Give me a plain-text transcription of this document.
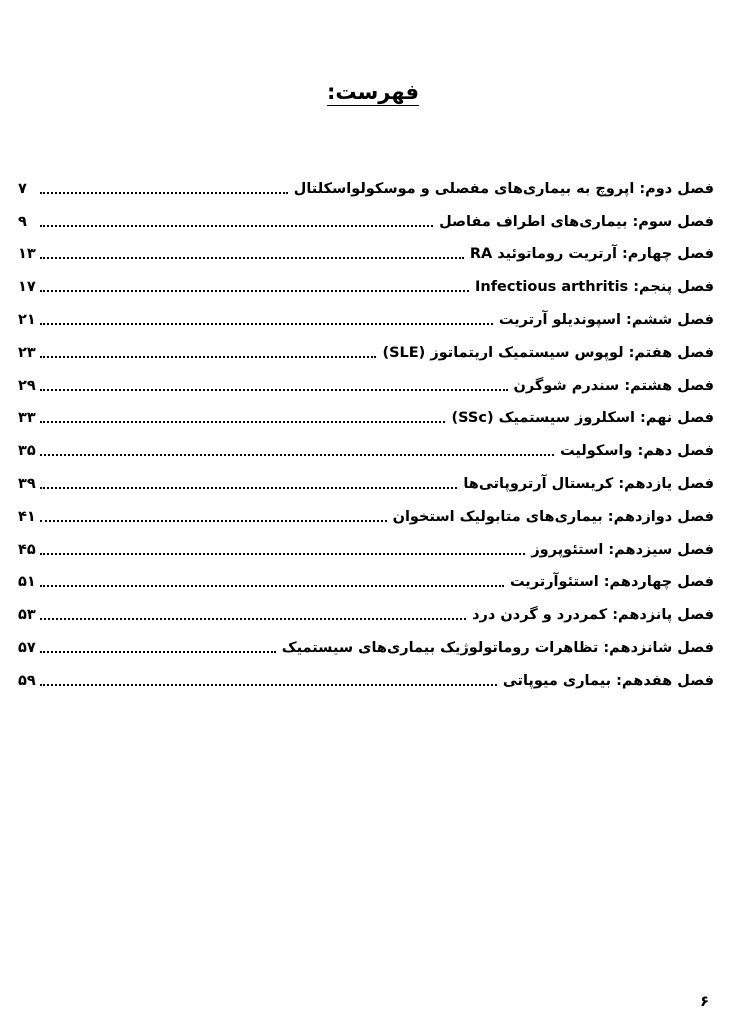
فهرست:
فصل دوم: اپروچ به بیماری‌های مفصلی و موسکولواسکلتال
۷
فصل سوم: بیماری‌های اطراف مفاصل
۹
فصل چهارم: آرتریت روماتوئید RA
۱۳
فصل پنجم: Infectious arthritis
۱۷
فصل ششم: اسپوندیلو آرتریت
۲۱
فصل هفتم: لوپوس سیستمیک اریتماتوز (SLE)
۲۳
فصل هشتم: سندرم شوگرن
۲۹
فصل نهم: اسکلروز سیستمیک (SSc)
۳۳
فصل دهم: واسکولیت
۳۵
فصل یازدهم: کریستال آرتروپاتی‌ها
۳۹
فصل دوازدهم: بیماری‌های متابولیک استخوان
۴۱
فصل سیزدهم: استئوپروز
۴۵
فصل چهاردهم: استئوآرتریت
۵۱
فصل پانزدهم: کمردرد و گردن درد
۵۳
فصل شانزدهم: تظاهرات روماتولوژیک بیماری‌های سیستمیک
۵۷
فصل هفدهم: بیماری میوپاتی
۵۹
۶
